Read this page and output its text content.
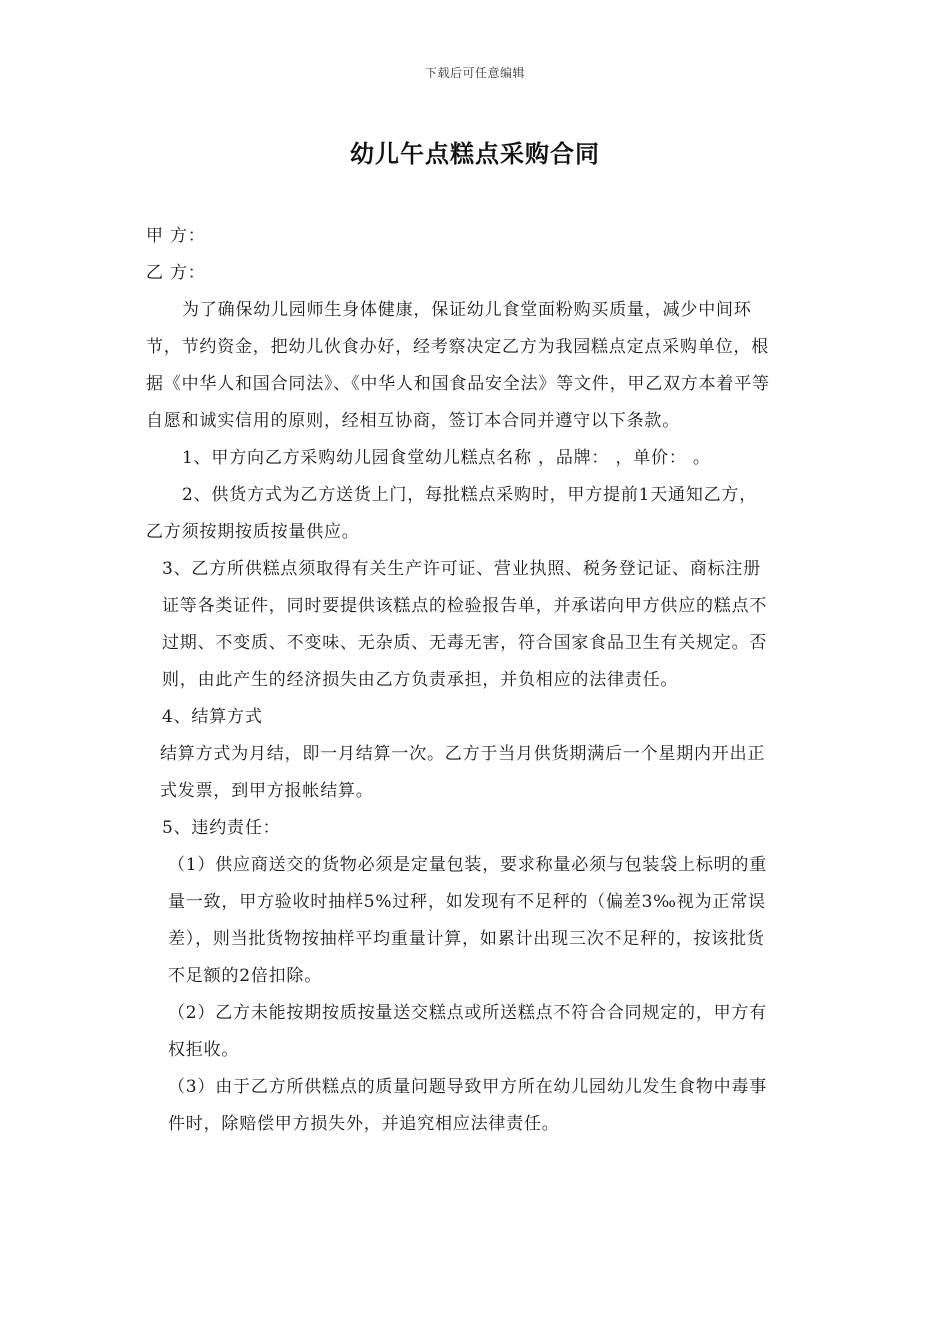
下载后可任意编辑
幼儿午点糕点采购合同

甲 方：

乙 方：

为了确保幼儿园师生身体健康，保证幼儿食堂面粉购买质量，减少中间环节，节约资金，把幼儿伙食办好，经考察决定乙方为我园糕点定点采购单位，根据《中华人和国合同法》、《中华人和国食品安全法》等文件，甲乙双方本着平等自愿和诚实信用的原则，经相互协商，签订本合同并遵守以下条款。

1、甲方向乙方采购幼儿园食堂幼儿糕点名称 ，品牌： ，单价： 。

2、供货方式为乙方送货上门，每批糕点采购时，甲方提前1天通知乙方，乙方须按期按质按量供应。

3、乙方所供糕点须取得有关生产许可证、营业执照、税务登记证、商标注册证等各类证件，同时要提供该糕点的检验报告单，并承诺向甲方供应的糕点不过期、不变质、不变味、无杂质、无毒无害，符合国家食品卫生有关规定。否则，由此产生的经济损失由乙方负责承担，并负相应的法律责任。

4、结算方式

结算方式为月结，即一月结算一次。乙方于当月供货期满后一个星期内开出正式发票，到甲方报帐结算。

5、违约责任：

（1）供应商送交的货物必须是定量包装，要求称量必须与包装袋上标明的重量一致，甲方验收时抽样5%过秤，如发现有不足秤的（偏差3‰视为正常误差），则当批货物按抽样平均重量计算，如累计出现三次不足秤的，按该批货不足额的2倍扣除。

（2）乙方未能按期按质按量送交糕点或所送糕点不符合合同规定的，甲方有权拒收。

（3）由于乙方所供糕点的质量问题导致甲方所在幼儿园幼儿发生食物中毒事件时，除赔偿甲方损失外，并追究相应法律责任。
